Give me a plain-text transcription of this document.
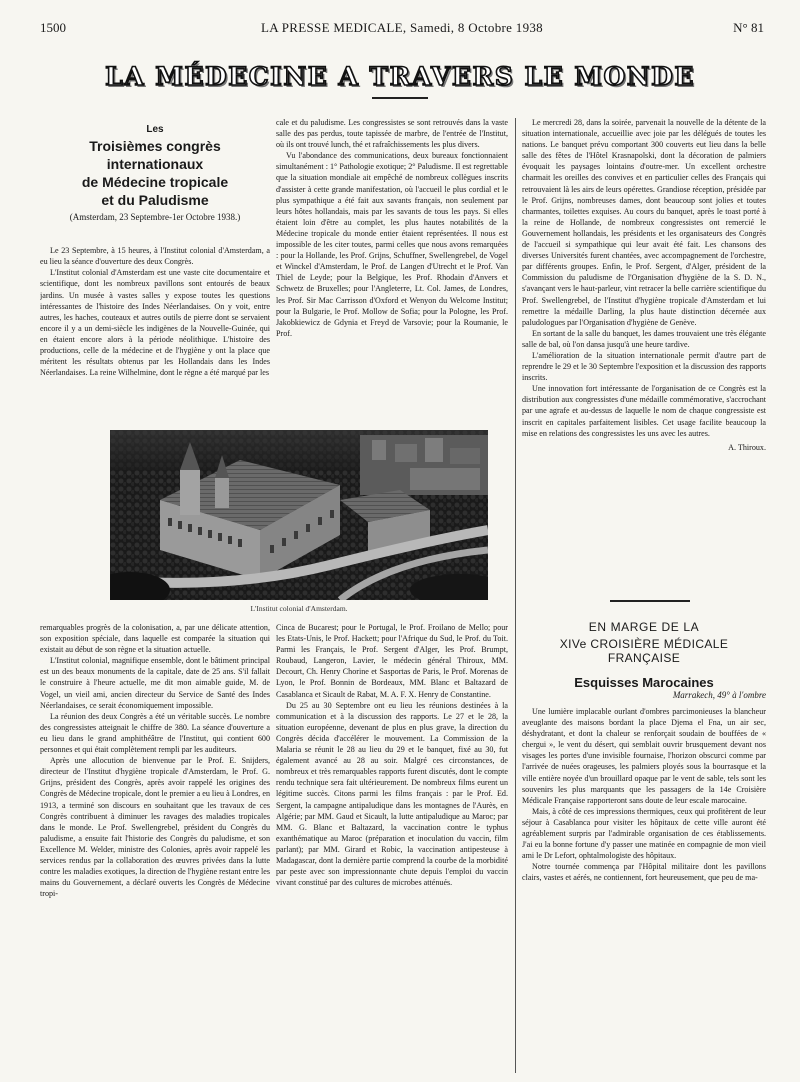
1500	LA PRESSE MEDICALE, Samedi, 8 Octobre 1938	N° 81
LA MÉDECINE A TRAVERS LE MONDE
Les
Troisièmes congrès internationaux
de Médecine tropicale
et du Paludisme
(Amsterdam, 23 Septembre-1er Octobre 1938.)

Le 23 Septembre, à 15 heures, à l'Institut colonial d'Amsterdam, a eu lieu la séance d'ouverture des deux Congrès.

L'Institut colonial d'Amsterdam est une vaste cite documentaire et scientifique, dont les nombreux pavillons sont entourés de beaux jardins. Un musée à vastes salles y expose toutes les questions intéressantes de l'histoire des Indes Néerlandaises. On y voit, entre autres, les haches, couteaux et autres outils de pierre dont se servaient encore il y a un demi-siècle les indigènes de la Nouvelle-Guinée, qui en étaient encore alors à la période néolithique. L'histoire des productions, celle de la médecine et de l'hygiène y ont la place que méritent les résultats obtenus par les Hollandais dans les Indes Néerlandaises. La reine Wilhelmine, dont le règne a été marqué par les

cale et du paludisme. Les congressistes se sont retrouvés dans la vaste salle des pas perdus, toute tapissée de marbre, de l'entrée de l'Institut, où ils ont trouvé lunch, thé et rafraîchissements les plus divers.

Vu l'abondance des communications, deux bureaux fonctionnaient simultanément : 1° Pathologie exotique; 2° Paludisme. Il est regrettable que la situation mondiale ait empêché de nombreux collègues inscrits d'assister à cette grande manifestation, où l'accueil le plus cordial et le plus sympathique a été fait aux savants français, non seulement par leurs hôtes hollandais, mais par les savants de tous les pays. Si elles étaient loin d'être au complet, les plus hautes notabilités de la Médecine tropicale du monde entier étaient représentées. Il nous est impossible de les citer toutes, parmi celles que nous avons remarquées : pour la Hollande, les Prof. Grijns, Schuffner, Swellengrebel, de Vogel et Winckel d'Amsterdam, le Prof. de Langen d'Utrecht et le Prof. Van Thiel de Leyde; pour la Belgique, les Prof. Rhodain d'Anvers et Schwetz de Bruxelles; pour l'Angleterre, Lt. Col. James, de Londres, les Prof. Sir Mac Carrisson d'Oxford et Wenyon du Welcome Institut; pour la Bulgarie, le Prof. Mollow de Sofia; pour la Pologne, les Prof. Jakobkiewicz de Gdynia et Freyd de Varsovie; pour la Roumanie, le Prof.

L'Institut colonial d'Amsterdam.

remarquables progrès de la colonisation, a, par une délicate attention, son exposition spéciale, dans laquelle est comparée la situation qui existait au début de son règne et la situation actuelle.

L'Institut colonial, magnifique ensemble, dont le bâtiment principal est un des beaux monuments de la capitale, date de 25 ans. S'il fallait le construire à l'heure actuelle, me dit mon aimable guide, M. de Vogel, un vieil ami, ancien directeur du Service de Santé des Indes Néerlandaises, ce serait économiquement impossible.

La réunion des deux Congrès a été un véritable succès. Le nombre des congressistes atteignait le chiffre de 380. La séance d'ouverture a eu lieu dans le grand amphithéâtre de l'Institut, qui contient 600 personnes et qui était complètement rempli par les auditeurs.

Après une allocution de bienvenue par le Prof. E. Snijders, directeur de l'Institut d'hygiène tropicale d'Amsterdam, le Prof. G. Grijns, président des Congrès, après avoir rappelé les origines des Congrès de Médecine tropicale, dont le premier a eu lieu à Londres, en 1913, a terminé son discours en souhaitant que les travaux de ces Congrès contribuent à diminuer les ravages des maladies tropicales dans le monde. Le Prof. Swellengrebel, président du Congrès du paludisme, a ensuite fait l'historie des Congrès du paludisme, et son Excellence M. Welder, ministre des Colonies, après avoir rappelé les services rendus par la collaboration des œuvres privées dans la lutte contre les maladies exotiques, la direction de l'hygiène restant entre les mains du Gouvernement, a déclaré ouverts les Congrès de Médecine tropi-

Cinca de Bucarest; pour le Portugal, le Prof. Froilano de Mello; pour les Etats-Unis, le Prof. Hackett; pour l'Afrique du Sud, le Prof. du Toit. Parmi les Français, le Prof. Sergent d'Alger, les Prof. Brumpt, Roubaud, Langeron, Lavier, le médecin général Thiroux, MM. Decourt, Ch. Henry Chorine et Sasportas de Paris, le Prof. Morenas de Lyon, le Prof. Bonnin de Bordeaux, MM. Blanc et Baltazard de Casablanca et Sicault de Rabat, M. A. F. X. Henry de Constantine.

Du 25 au 30 Septembre ont eu lieu les réunions destinées à la communication et à la discussion des rapports. Le 27 et le 28, la situation européenne, devenant de plus en plus grave, la direction du Congrès décida d'accélérer le mouvement. La Commission de la Malaria se réunit le 28 au lieu du 29 et le banquet, fixé au 30, fut également avancé au 28 au soir. Malgré ces circonstances, de nombreux et très remarquables rapports furent discutés, dont le compte rendu technique sera fait ultérieurement. De nombreux films eurent un légitime succès. Citons parmi les films français : par le Prof. Ed. Sergent, la campagne antipaludique dans les montagnes de l'Aurès, en Algérie; par MM. Gaud et Sicault, la lutte antipaludique au Maroc; par MM. G. Blanc et Baltazard, la vaccination contre le typhus exanthématique au Maroc (préparation et inoculation du vaccin, film parlant); par MM. Girard et Robic, la vaccination antipesteuse à Madagascar, dont la dernière partie comprend la courbe de la morbidité par peste avec son impressionnante chute depuis l'emploi du vaccin vivant constitué par des cultures de microbes atténués.

Le mercredi 28, dans la soirée, parvenait la nouvelle de la détente de la situation internationale, accueillie avec joie par les délégués de toutes les nations. Le banquet prévu comportant 300 couverts eut lieu dans la belle salle des fêtes de l'Hôtel Krasnapolski, dont la décoration de palmiers évoquait les paysages lointains d'outre-mer. Un excellent orchestre charmait les oreilles des convives et en particulier celles des Français qui retrouvaient là les airs de leurs opérettes. Grandiose réception, présidée par le Prof. Grijns, nombreuses dames, dont beaucoup sont jolies et toutes charmantes, toilettes exquises. Au cours du banquet, après le toast porté à la reine de Hollande, de nombreux congressistes ont remercié le Gouvernement hollandais, les présidents et les organisateurs des Congrès de l'accueil si sympathique qui leur avait été fait. Les chansons des diverses Universités furent chantées, avec accompagnement de l'orchestre, par différents groupes. Enfin, le Prof. Sergent, d'Alger, président de la Commission du paludisme de l'Organisation d'hygiène de la S. D. N., s'avançant vers le haut-parleur, vint retracer la belle carrière scientifique du Prof. Swellengrebel, de l'Institut d'hygiène tropicale d'Amsterdam et lui remettre la médaille Darling, la plus haute distinction décernée aux paludologues par l'Organisation d'hygiène de Genève.

En sortant de la salle du banquet, les dames trouvaient une très élégante salle de bal, où l'on dansa jusqu'à une heure tardive.

L'amélioration de la situation internationale permit d'autre part de reprendre le 29 et le 30 Septembre l'exposition et la discussion des rapports inscrits.

Une innovation fort intéressante de l'organisation de ce Congrès est la distribution aux congressistes d'une médaille commémorative, s'accrochant par une agrafe et au-dessus de laquelle le nom de chaque congressiste est inscrit en capitales parfaitement lisibles. Cet usage facilite beaucoup la mise en relations des congressistes les uns avec les autres.

A. Thiroux.
EN MARGE DE LA
XIVe CROISIÈRE MÉDICALE FRANÇAISE
Esquisses Marocaines
Marrakech, 49° à l'ombre

Une lumière implacable ourlant d'ombres parcimonieuses la blancheur aveuglante des maisons bordant la place Djema el Fna, un air sec, déshydratant, et dont la chaleur se renforçait soudain de bouffées de « chergui », le vent du désert, qui semblait ouvrir brusquement devant nos visages les portes d'une invisible fournaise, l'horizon obscurci comme par l'arrivée de nuées orageuses, les palmiers ployés sous la bourrasque et la ville entière noyée d'un brouillard opaque par le vent de sable, tels sont les souvenirs les plus marquants que les passagers de la 14e Croisière Médicale Française rapporteront sans doute de leur escale marocaine.

Mais, à côté de ces impressions thermiques, ceux qui profitèrent de leur séjour à Casablanca pour visiter les hôpitaux de cette ville auront été agréablement surpris par l'admirable organisation de ces établissements. J'ai eu la bonne fortune d'y passer une matinée en compagnie de mon vieil ami le Dr Lefort, ophtalmologiste des hôpitaux.

Notre tournée commença par l'Hôpital militaire dont les pavillons clairs, vastes et aérés, ne contiennent, fort heureusement, que peu de ma-
